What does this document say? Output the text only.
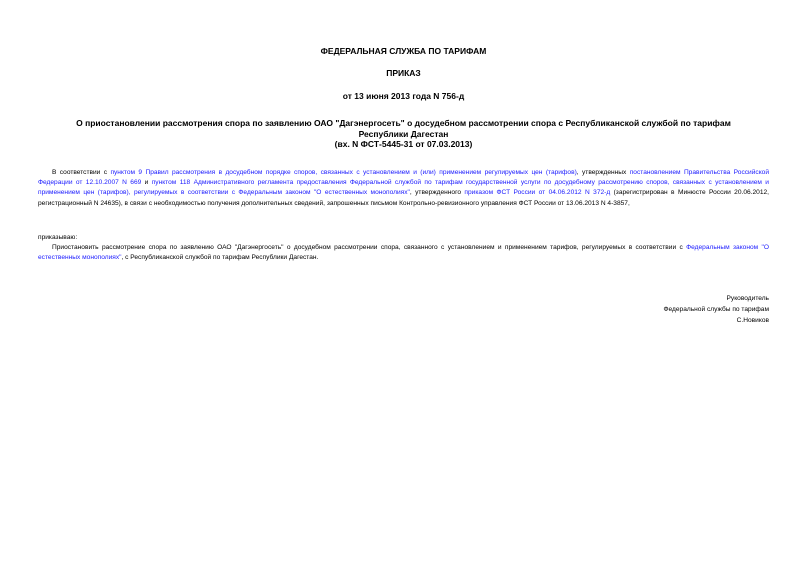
ФЕДЕРАЛЬНАЯ СЛУЖБА ПО ТАРИФАМ
ПРИКАЗ
от 13 июня 2013 года N 756-д
О приостановлении рассмотрения спора по заявлению ОАО "Дагэнергосеть" о досудебном рассмотрении спора с Республиканской службой по тарифам
Республики Дагестан
(вх. N ФСТ-5445-31 от 07.03.2013)

В соответствии с пунктом 9 Правил рассмотрения в досудебном порядке споров, связанных с установлением и (или) применением регулируемых цен (тарифов), утвержденных постановлением Правительства Российской Федерации от 12.10.2007 N 669 и пунктом 118 Административного регламента предоставления Федеральной службой по тарифам государственной услуги по досудебному рассмотрению споров, связанных с установлением и применением цен (тарифов), регулируемых в соответствии с Федеральным законом "О естественных монополиях", утвержденного приказом ФСТ России от 04.06.2012 N 372-д (зарегистрирован в Минюсте России 20.06.2012, регистрационный N 24635), в связи с необходимостью получения дополнительных сведений, запрошенных письмом Контрольно-ревизионного управления ФСТ России от 13.06.2013 N 4-3857,

приказываю:

Приостановить рассмотрение спора по заявлению ОАО "Дагэнергосеть" о досудебном рассмотрении спора, связанного с установлением и применением тарифов, регулируемых в соответствии с Федеральным законом "О естественных монополиях", с Республиканской службой по тарифам Республики Дагестан.

Руководитель
Федеральной службы по тарифам
С.Новиков
